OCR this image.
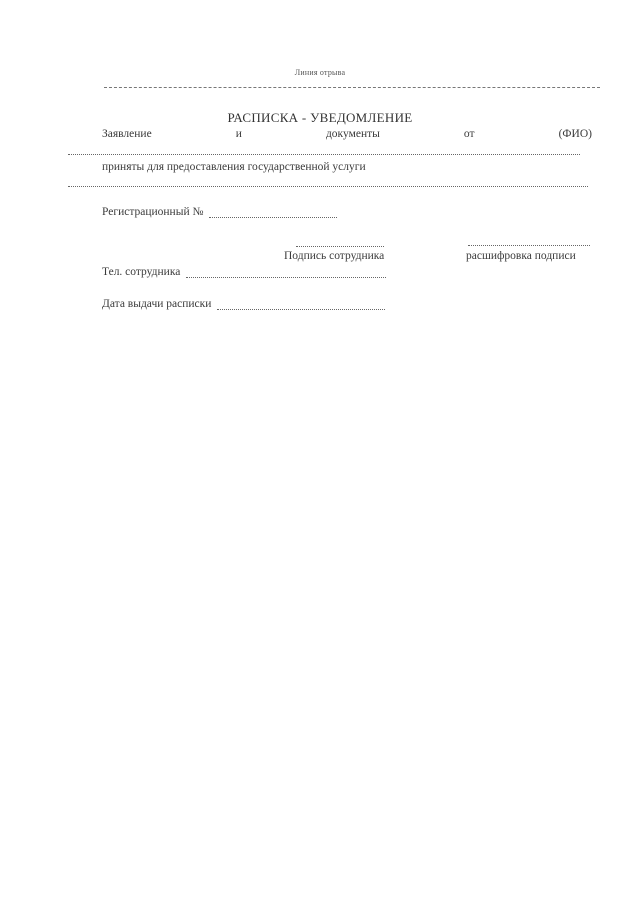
Линия отрыва
РАСПИСКА - УВЕДОМЛЕНИЕ
Заявление	и	документы	от	(ФИО)
приняты для предоставления государственной услуги
Регистрационный №
Подпись сотрудника	расшифровка подписи
Тел. сотрудника
Дата выдачи расписки
